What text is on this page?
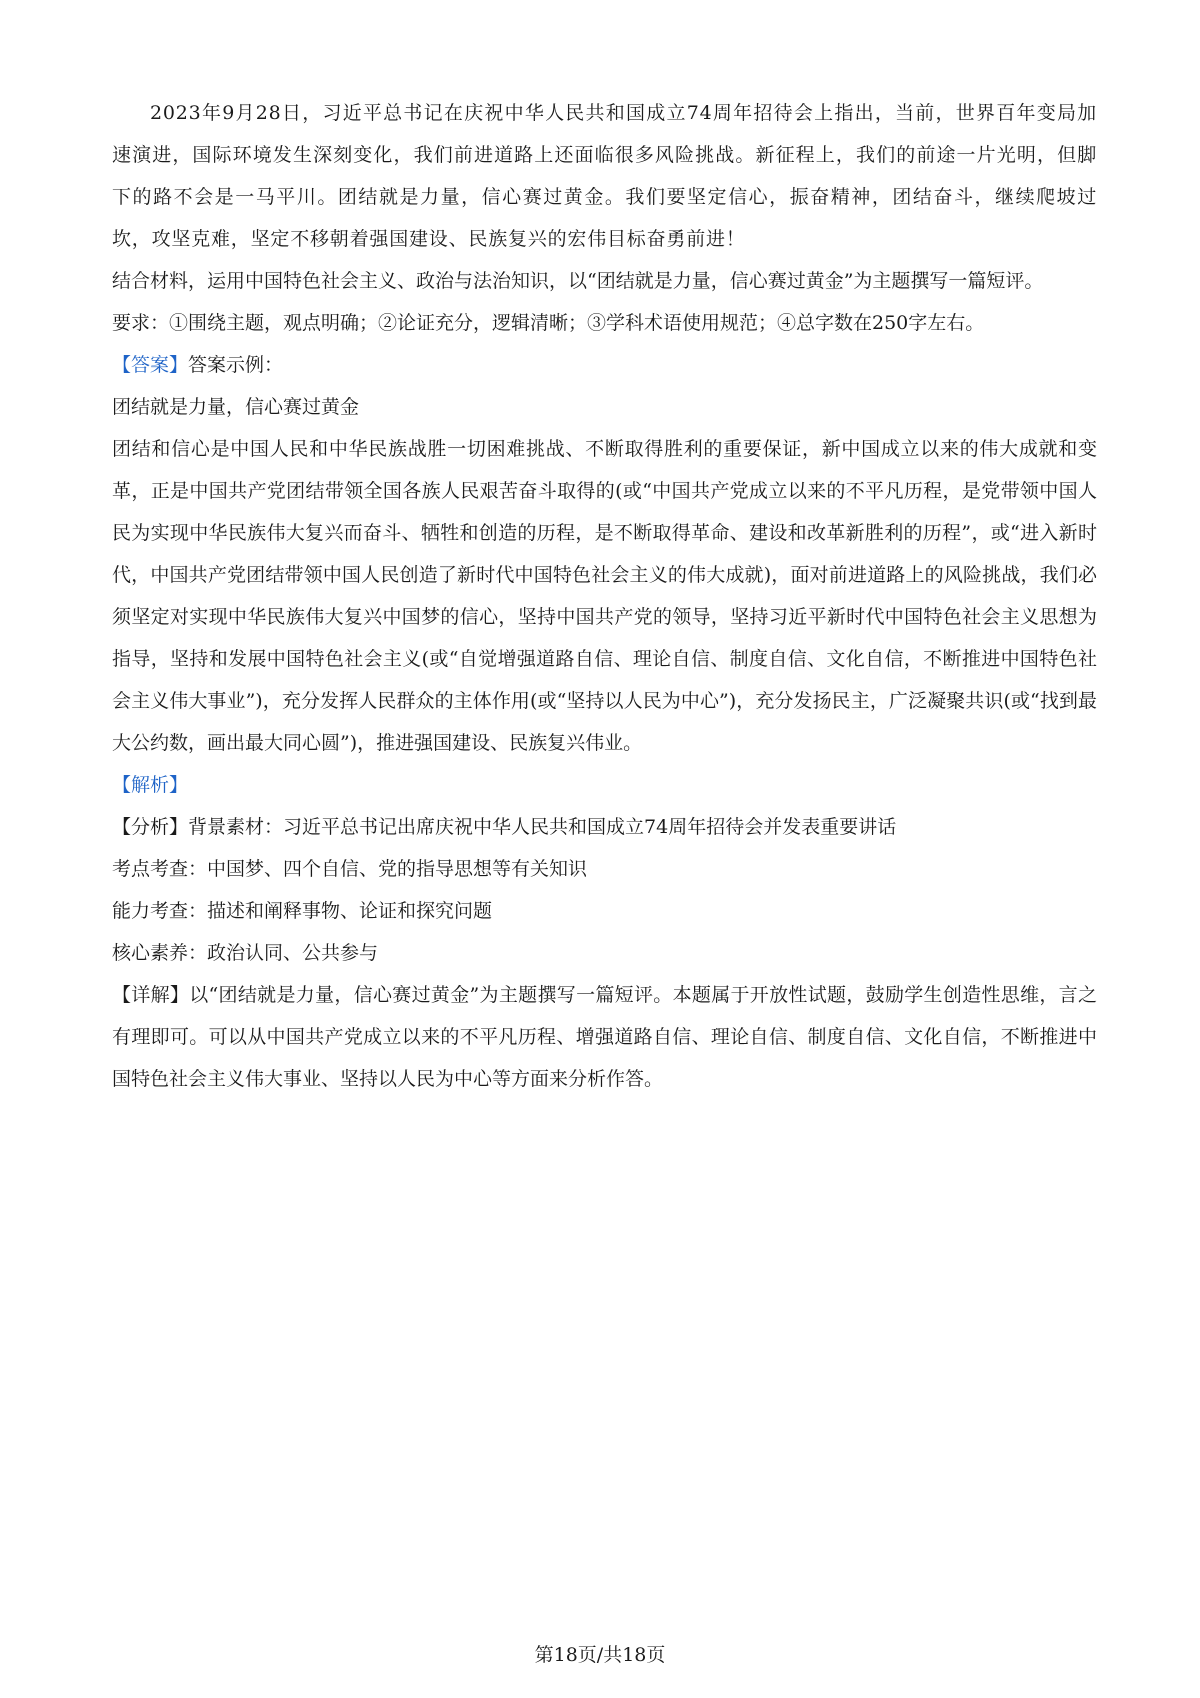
2023年9月28日，习近平总书记在庆祝中华人民共和国成立74周年招待会上指出，当前，世界百年变局加速演进，国际环境发生深刻变化，我们前进道路上还面临很多风险挑战。新征程上，我们的前途一片光明，但脚下的路不会是一马平川。团结就是力量，信心赛过黄金。我们要坚定信心，振奋精神，团结奋斗，继续爬坡过坎，攻坚克难，坚定不移朝着强国建设、民族复兴的宏伟目标奋勇前进！

结合材料，运用中国特色社会主义、政治与法治知识，以“团结就是力量，信心赛过黄金”为主题撰写一篇短评。

要求：①围绕主题，观点明确；②论证充分，逻辑清晰；③学科术语使用规范；④总字数在250字左右。

【答案】答案示例：

团结就是力量，信心赛过黄金

团结和信心是中国人民和中华民族战胜一切困难挑战、不断取得胜利的重要保证，新中国成立以来的伟大成就和变革，正是中国共产党团结带领全国各族人民艰苦奋斗取得的(或“中国共产党成立以来的不平凡历程，是党带领中国人民为实现中华民族伟大复兴而奋斗、牺牲和创造的历程，是不断取得革命、建设和改革新胜利的历程”，或“进入新时代，中国共产党团结带领中国人民创造了新时代中国特色社会主义的伟大成就)，面对前进道路上的风险挑战，我们必须坚定对实现中华民族伟大复兴中国梦的信心，坚持中国共产党的领导，坚持习近平新时代中国特色社会主义思想为指导，坚持和发展中国特色社会主义(或“自觉增强道路自信、理论自信、制度自信、文化自信，不断推进中国特色社会主义伟大事业”)，充分发挥人民群众的主体作用(或“坚持以人民为中心”)，充分发扬民主，广泛凝聚共识(或“找到最大公约数，画出最大同心圆”)，推进强国建设、民族复兴伟业。

【解析】

【分析】背景素材：习近平总书记出席庆祝中华人民共和国成立74周年招待会并发表重要讲话

考点考查：中国梦、四个自信、党的指导思想等有关知识

能力考查：描述和阐释事物、论证和探究问题

核心素养：政治认同、公共参与

【详解】以“团结就是力量，信心赛过黄金”为主题撰写一篇短评。本题属于开放性试题，鼓励学生创造性思维，言之有理即可。可以从中国共产党成立以来的不平凡历程、增强道路自信、理论自信、制度自信、文化自信，不断推进中国特色社会主义伟大事业、坚持以人民为中心等方面来分析作答。

第18页/共18页
